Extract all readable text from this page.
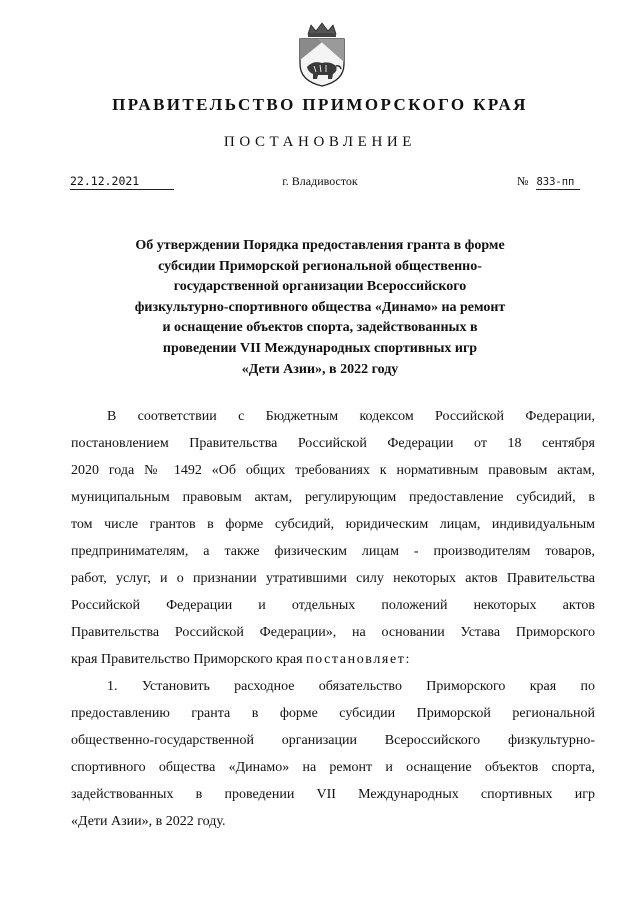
ПРАВИТЕЛЬСТВО ПРИМОРСКОГО КРАЯ
ПОСТАНОВЛЕНИЕ
22.12.2021	г. Владивосток	№ 833-пп
Об утверждении Порядка предоставления гранта в форме
субсидии Приморской региональной общественно-
государственной организации Всероссийского
физкультурно-спортивного общества «Динамо» на ремонт
и оснащение объектов спорта, задействованных в
проведении VII Международных спортивных игр
«Дети Азии», в 2022 году
В соответствии с Бюджетным кодексом Российской Федерации,
постановлением Правительства Российской Федерации от 18 сентября
2020 года № 1492 «Об общих требованиях к нормативным правовым актам,
муниципальным правовым актам, регулирующим предоставление субсидий, в
том числе грантов в форме субсидий, юридическим лицам, индивидуальным
предпринимателям, а также физическим лицам - производителям товаров,
работ, услуг, и о признании утратившими силу некоторых актов Правительства
Российской Федерации и отдельных положений некоторых актов
Правительства Российской Федерации», на основании Устава Приморского
края Правительство Приморского края постановляет:
1. Установить расходное обязательство Приморского края по
предоставлению гранта в форме субсидии Приморской региональной
общественно-государственной организации Всероссийского физкультурно-
спортивного общества «Динамо» на ремонт и оснащение объектов спорта,
задействованных в проведении VII Международных спортивных игр
«Дети Азии», в 2022 году.
